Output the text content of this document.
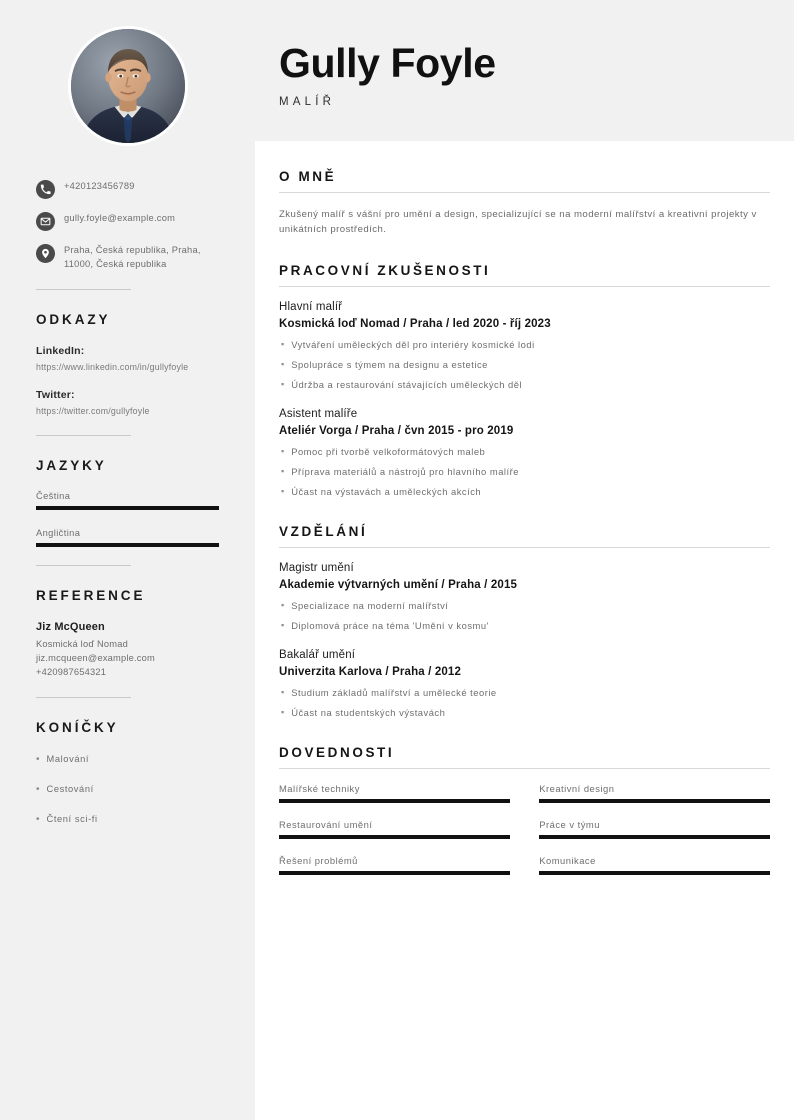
+420123456789
gully.foyle@example.com
Praha, Česká republika, Praha, 11000, Česká republika
ODKAZY
LinkedIn:
https://www.linkedin.com/in/gullyfoyle
Twitter:
https://twitter.com/gullyfoyle
JAZYKY
Čeština
Angličtina
REFERENCE
Jiz McQueen
Kosmická loď Nomad
jiz.mcqueen@example.com
+420987654321
KONÍČKY
• Malování
• Cestování
• Čtení sci-fi
Gully Foyle
MALÍŘ
O MNĚ

Zkušený malíř s vášní pro umění a design, specializující se na moderní malířství a kreativní projekty v unikátních prostředích.

PRACOVNÍ ZKUŠENOSTI
Hlavní malíř
Kosmická loď Nomad / Praha / led 2020 - říj 2023
▪ Vytváření uměleckých děl pro interiéry kosmické lodi
▪ Spolupráce s týmem na designu a estetice
▪ Údržba a restaurování stávajících uměleckých děl
Asistent malíře
Ateliér Vorga / Praha / čvn 2015 - pro 2019
▪ Pomoc při tvorbě velkoformátových maleb
▪ Příprava materiálů a nástrojů pro hlavního malíře
▪ Účast na výstavách a uměleckých akcích
VZDĚLÁNÍ
Magistr umění
Akademie výtvarných umění / Praha / 2015
▪ Specializace na moderní malířství
▪ Diplomová práce na téma 'Umění v kosmu'
Bakalář umění
Univerzita Karlova / Praha / 2012
▪ Studium základů malířství a umělecké teorie
▪ Účast na studentských výstavách
DOVEDNOSTI
Malířské techniky	Kreativní design
Restaurování umění	Práce v týmu
Řešení problémů	Komunikace
